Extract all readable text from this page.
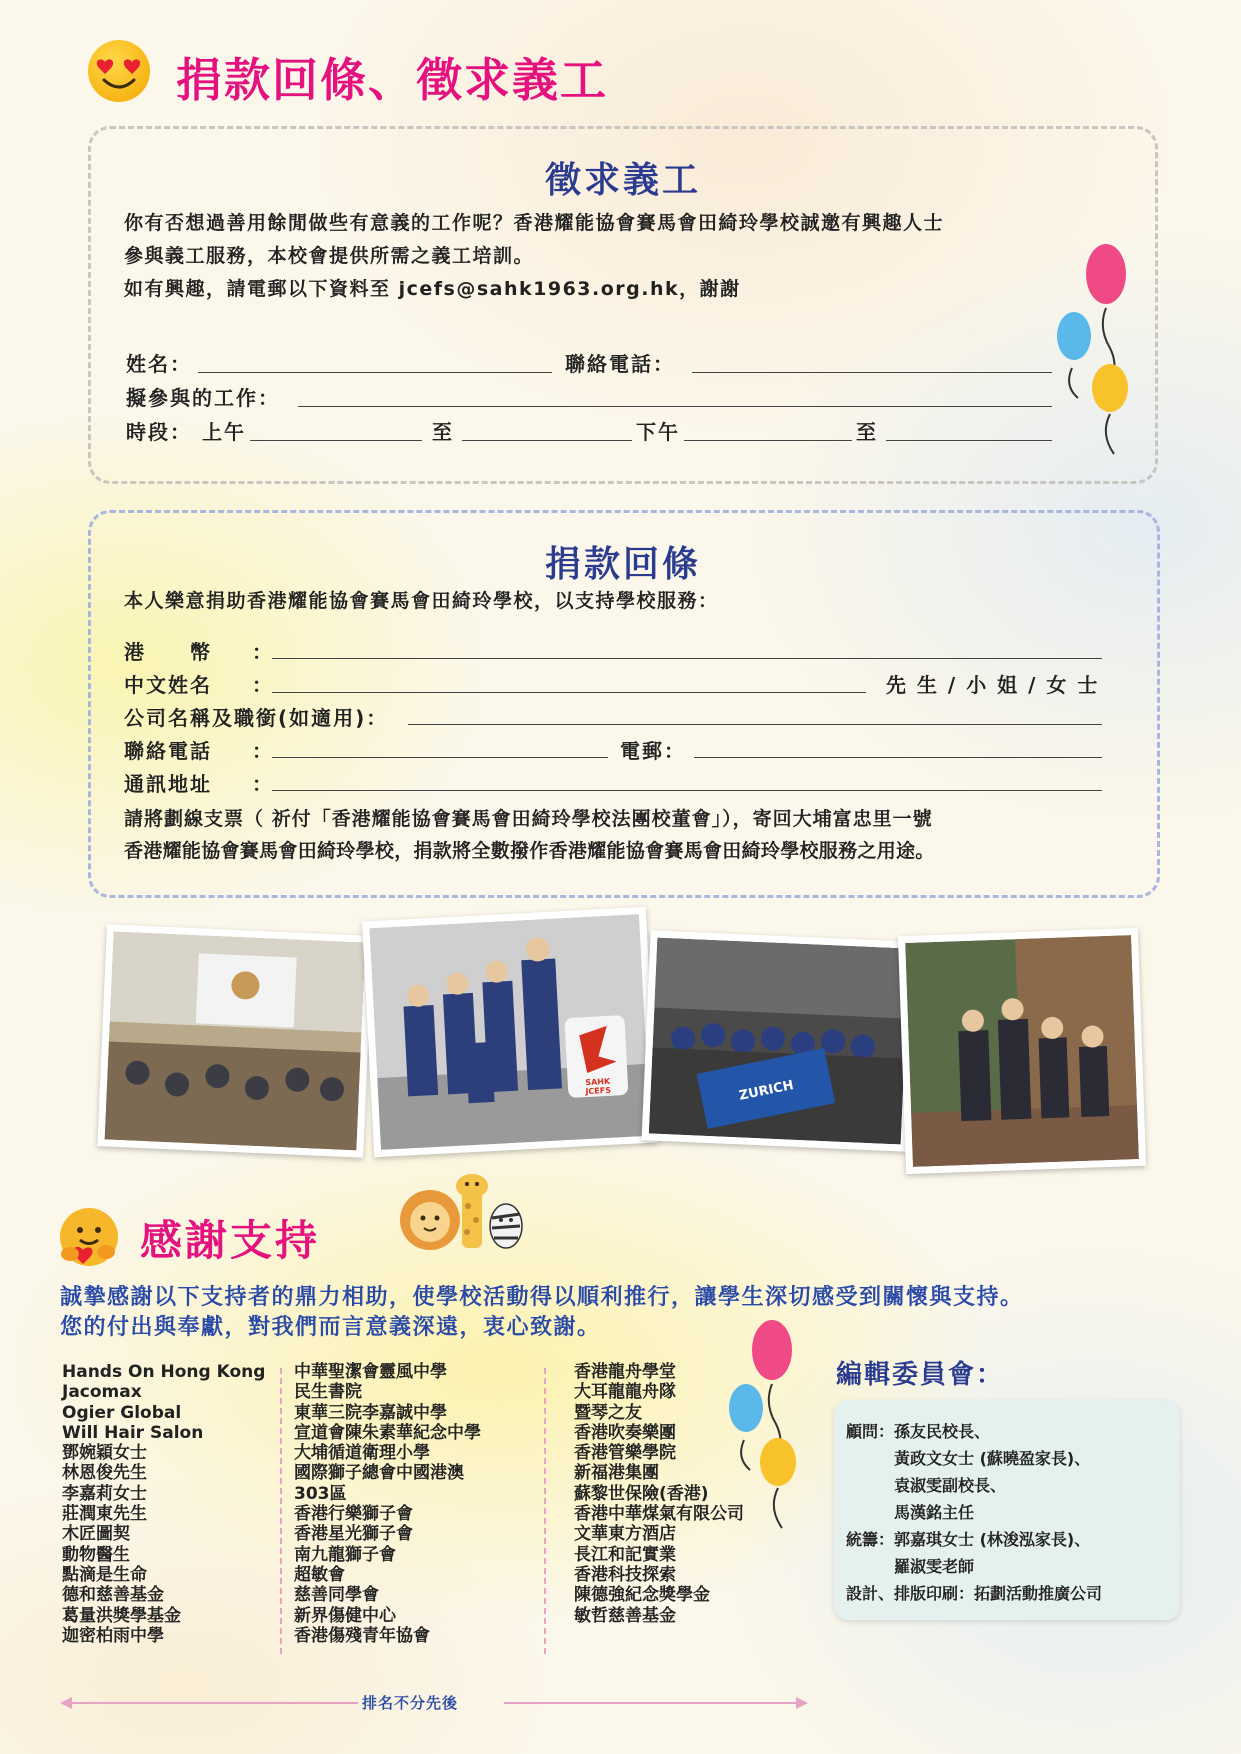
捐款回條、徵求義工
徵求義工
你有否想過善用餘閒做些有意義的工作呢？香港耀能協會賽馬會田綺玲學校誠邀有興趣人士
參與義工服務，本校會提供所需之義工培訓。
如有興趣，請電郵以下資料至 jcefs@sahk1963.org.hk，謝謝
姓名：	聯絡電話：
擬參與的工作：
時段： 上午	至	下午	至
捐款回條
本人樂意捐助香港耀能協會賽馬會田綺玲學校，以支持學校服務：
港　　幣 ：
中文姓名 ：	先 生 / 小 姐 / 女 士
公司名稱及職銜(如適用)：
聯絡電話 ：	電郵：
通訊地址 ：
請將劃線支票（ 祈付「香港耀能協會賽馬會田綺玲學校法團校董會」），寄回大埔富忠里一號
香港耀能協會賽馬會田綺玲學校，捐款將全數撥作香港耀能協會賽馬會田綺玲學校服務之用途。
SAHK
JCEFS	ZURICH
感謝支持
誠摯感謝以下支持者的鼎力相助，使學校活動得以順利推行，讓學生深切感受到關懷與支持。
您的付出與奉獻，對我們而言意義深遠，衷心致謝。
Hands On Hong Kong
Jacomax
Ogier Global
Will Hair Salon
鄧婉穎女士
林恩俊先生
李嘉莉女士
莊潤東先生
木匠圖契
動物醫生
點滴是生命
德和慈善基金
葛量洪獎學基金
迦密柏雨中學
中華聖潔會靈風中學
民生書院
東華三院李嘉誠中學
宣道會陳朱素華紀念中學
大埔循道衛理小學
國際獅子總會中國港澳
303區
香港行樂獅子會
香港星光獅子會
南九龍獅子會
超敏會
慈善同學會
新界傷健中心
香港傷殘青年協會
香港龍舟學堂
大耳龍龍舟隊
暨琴之友
香港吹奏樂團
香港管樂學院
新福港集團
蘇黎世保險(香港)
香港中華煤氣有限公司
文華東方酒店
長江和記實業
香港科技探索
陳德強紀念獎學金
敏哲慈善基金
排名不分先後
編輯委員會：
顧問：孫友民校長、
　　　黃政文女士 (蘇曉盈家長)、
　　　袁淑雯副校長、
　　　馬漢銘主任
統籌：郭嘉琪女士 (林浚泓家長)、
　　　羅淑雯老師
設計、排版印刷：拓劃活動推廣公司
